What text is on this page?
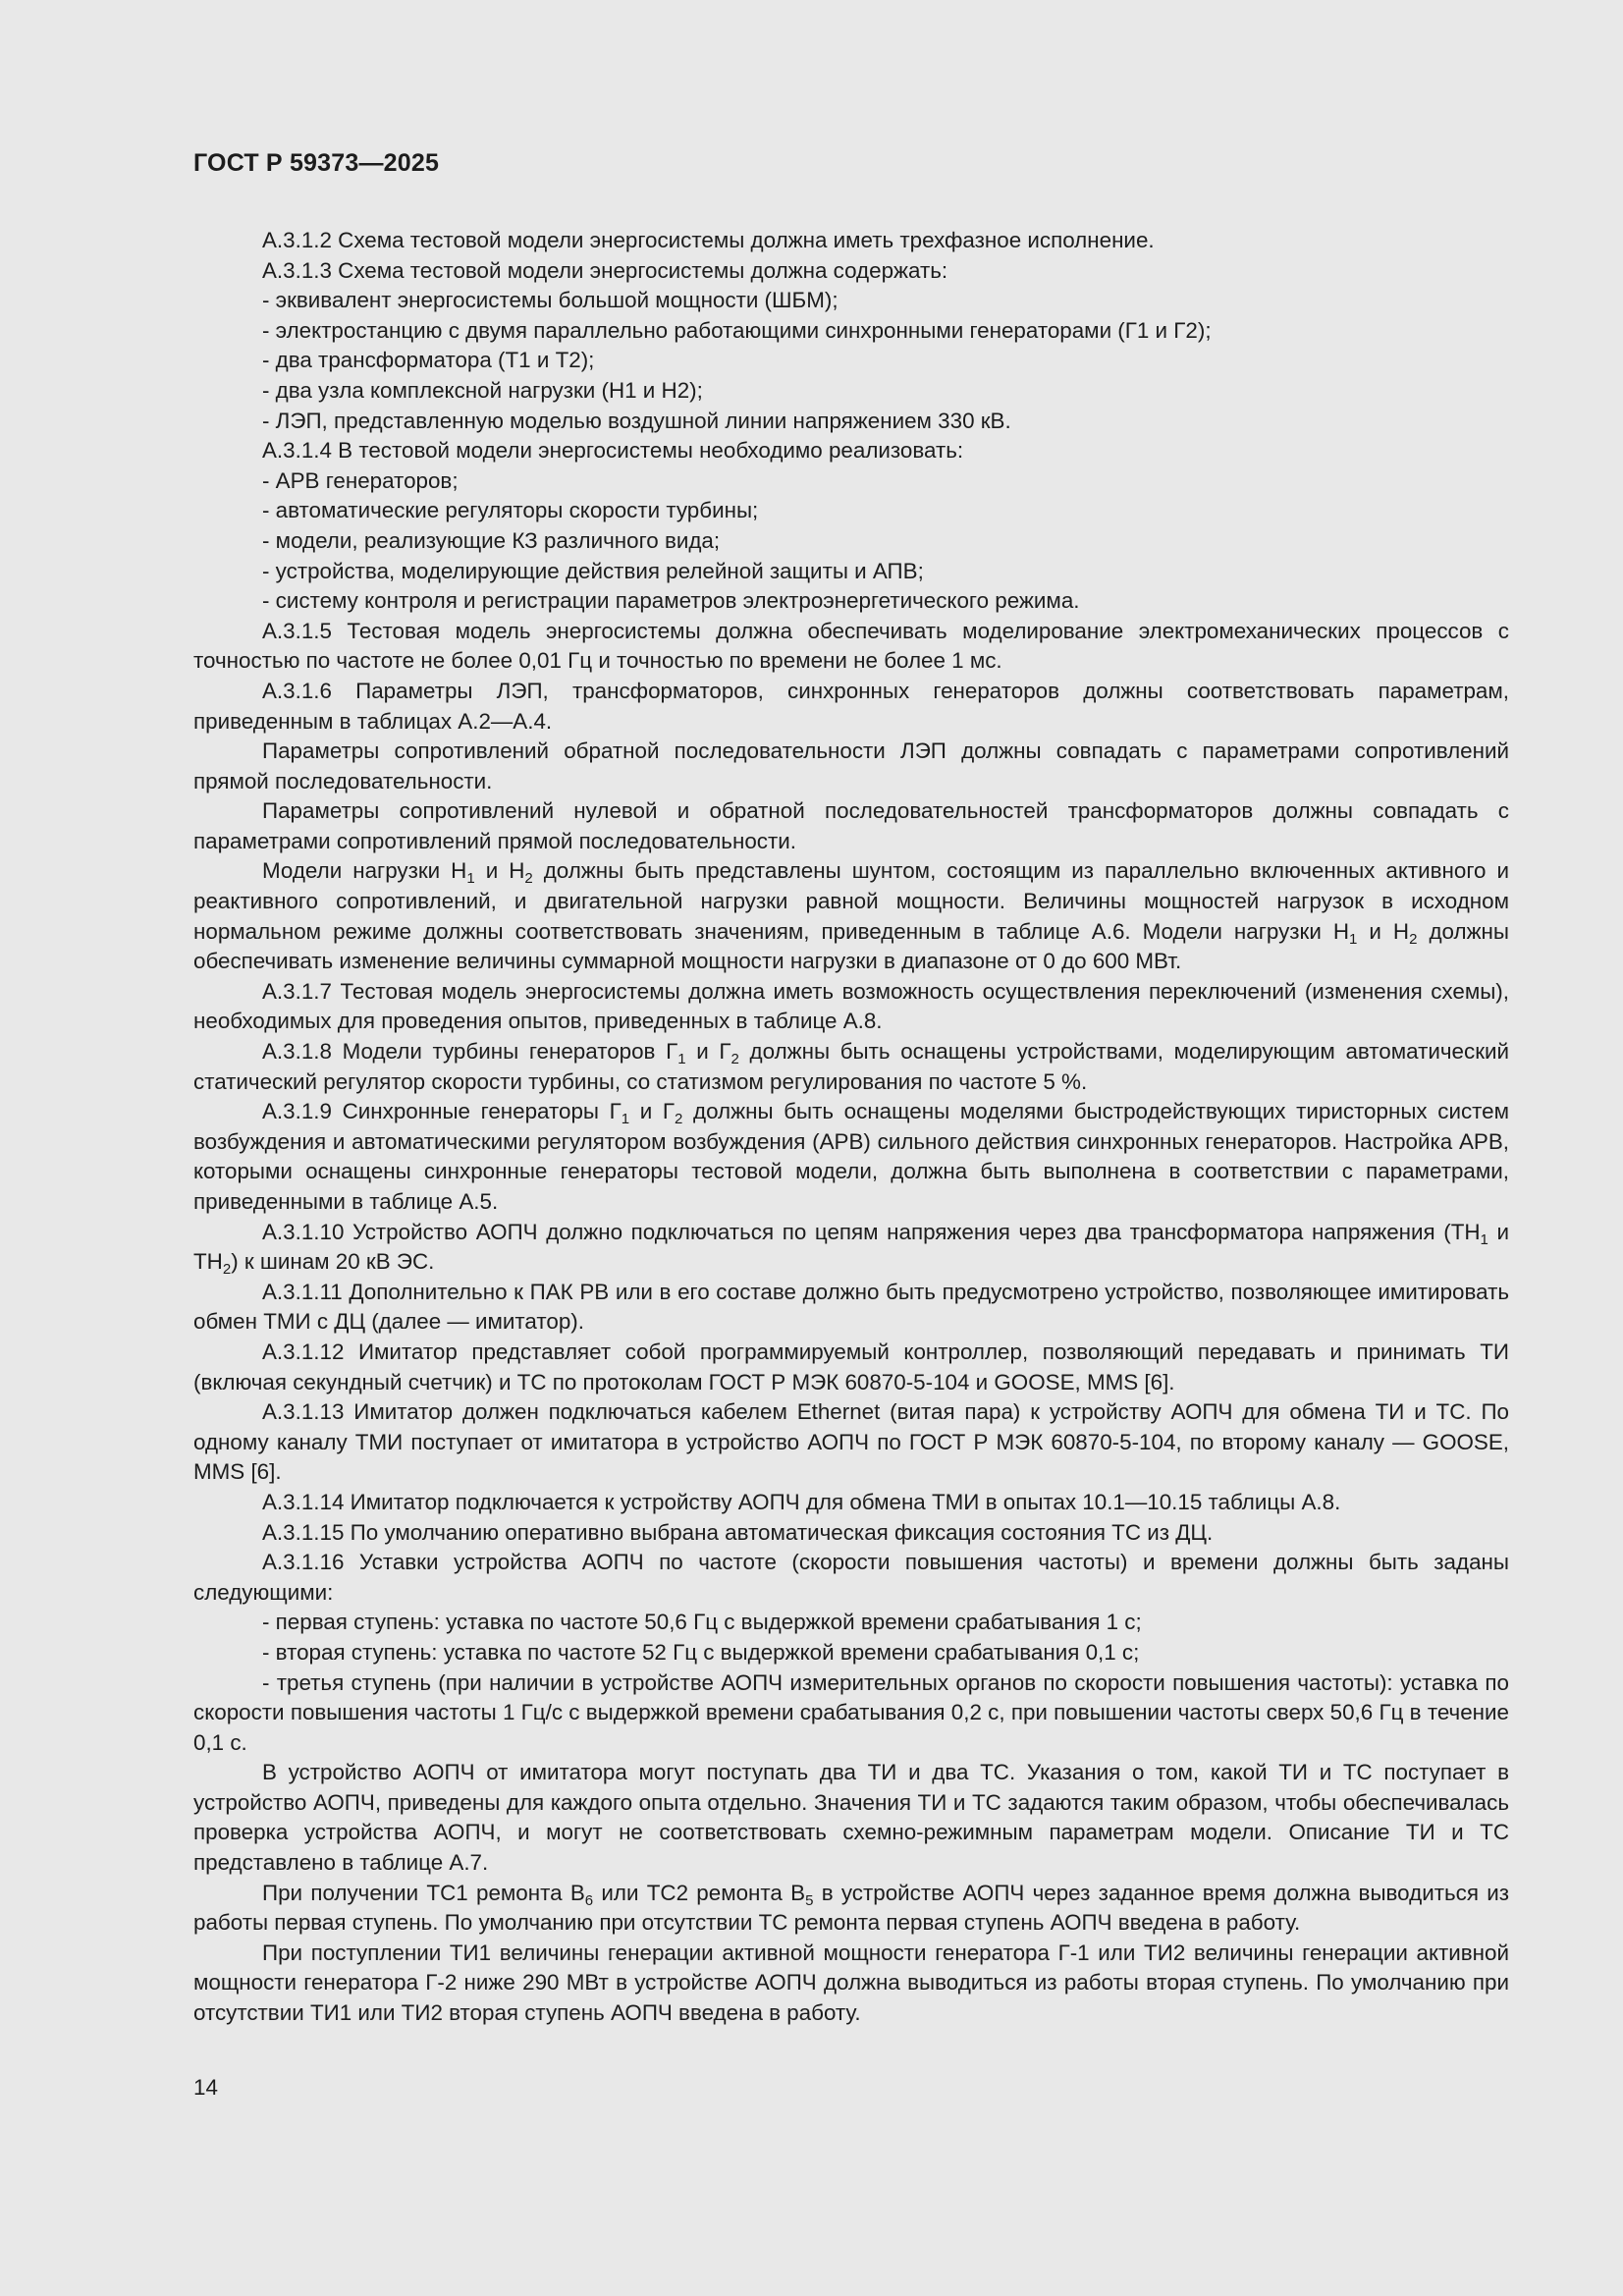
ГОСТ Р 59373—2025

А.3.1.2 Схема тестовой модели энергосистемы должна иметь трехфазное исполнение.

А.3.1.3 Схема тестовой модели энергосистемы должна содержать:

- эквивалент энергосистемы большой мощности (ШБМ);

- электростанцию с двумя параллельно работающими синхронными генераторами (Г1 и Г2);

- два трансформатора (Т1 и Т2);

- два узла комплексной нагрузки (Н1 и Н2);

- ЛЭП, представленную моделью воздушной линии напряжением 330 кВ.

А.3.1.4 В тестовой модели энергосистемы необходимо реализовать:

- АРВ генераторов;

- автоматические регуляторы скорости турбины;

- модели, реализующие КЗ различного вида;

- устройства, моделирующие действия релейной защиты и АПВ;

- систему контроля и регистрации параметров электроэнергетического режима.

А.3.1.5 Тестовая модель энергосистемы должна обеспечивать моделирование электромеханических процессов с точностью по частоте не более 0,01 Гц и точностью по времени не более 1 мс.

А.3.1.6 Параметры ЛЭП, трансформаторов, синхронных генераторов должны соответствовать параметрам, приведенным в таблицах А.2—А.4.

Параметры сопротивлений обратной последовательности ЛЭП должны совпадать с параметрами сопротивлений прямой последовательности.

Параметры сопротивлений нулевой и обратной последовательностей трансформаторов должны совпадать с параметрами сопротивлений прямой последовательности.

Модели нагрузки $Н_1$ и $Н_2$ должны быть представлены шунтом, состоящим из параллельно включенных активного и реактивного сопротивлений, и двигательной нагрузки равной мощности. Величины мощностей нагрузок в исходном нормальном режиме должны соответствовать значениям, приведенным в таблице А.6. Модели нагрузки $Н_1$ и $Н_2$ должны обеспечивать изменение величины суммарной мощности нагрузки в диапазоне от 0 до 600 МВт.

А.3.1.7 Тестовая модель энергосистемы должна иметь возможность осуществления переключений (изменения схемы), необходимых для проведения опытов, приведенных в таблице А.8.

А.3.1.8 Модели турбины генераторов $Г_1$ и $Г_2$ должны быть оснащены устройствами, моделирующим автоматический статический регулятор скорости турбины, со статизмом регулирования по частоте 5 %.

А.3.1.9 Синхронные генераторы $Г_1$ и $Г_2$ должны быть оснащены моделями быстродействующих тиристорных систем возбуждения и автоматическими регулятором возбуждения (АРВ) сильного действия синхронных генераторов. Настройка АРВ, которыми оснащены синхронные генераторы тестовой модели, должна быть выполнена в соответствии с параметрами, приведенными в таблице А.5.

А.3.1.10 Устройство АОПЧ должно подключаться по цепям напряжения через два трансформатора напряжения ($ТН_1$ и $ТН_2$) к шинам 20 кВ ЭС.

А.3.1.11 Дополнительно к ПАК РВ или в его составе должно быть предусмотрено устройство, позволяющее имитировать обмен ТМИ с ДЦ (далее — имитатор).

А.3.1.12 Имитатор представляет собой программируемый контроллер, позволяющий передавать и принимать ТИ (включая секундный счетчик) и ТС по протоколам ГОСТ Р МЭК 60870-5-104 и GOOSE, MMS [6].

А.3.1.13 Имитатор должен подключаться кабелем Ethernet (витая пара) к устройству АОПЧ для обмена ТИ и ТС. По одному каналу ТМИ поступает от имитатора в устройство АОПЧ по ГОСТ Р МЭК 60870-5-104, по второму каналу — GOOSE, MMS [6].

А.3.1.14 Имитатор подключается к устройству АОПЧ для обмена ТМИ в опытах 10.1—10.15 таблицы А.8.

А.3.1.15 По умолчанию оперативно выбрана автоматическая фиксация состояния ТС из ДЦ.

А.3.1.16 Уставки устройства АОПЧ по частоте (скорости повышения частоты) и времени должны быть заданы следующими:

- первая ступень: уставка по частоте 50,6 Гц с выдержкой времени срабатывания 1 с;

- вторая ступень: уставка по частоте 52 Гц с выдержкой времени срабатывания 0,1 с;

- третья ступень (при наличии в устройстве АОПЧ измерительных органов по скорости повышения частоты): уставка по скорости повышения частоты 1 Гц/с с выдержкой времени срабатывания 0,2 с, при повышении частоты сверх 50,6 Гц в течение 0,1 с.

В устройство АОПЧ от имитатора могут поступать два ТИ и два ТС. Указания о том, какой ТИ и ТС поступает в устройство АОПЧ, приведены для каждого опыта отдельно. Значения ТИ и ТС задаются таким образом, чтобы обеспечивалась проверка устройства АОПЧ, и могут не соответствовать схемно-режимным параметрам модели. Описание ТИ и ТС представлено в таблице А.7.

При получении ТС1 ремонта $В_6$ или ТС2 ремонта $В_5$ в устройстве АОПЧ через заданное время должна выводиться из работы первая ступень. По умолчанию при отсутствии ТС ремонта первая ступень АОПЧ введена в работу.

При поступлении ТИ1 величины генерации активной мощности генератора Г-1 или ТИ2 величины генерации активной мощности генератора Г-2 ниже 290 МВт в устройстве АОПЧ должна выводиться из работы вторая ступень. По умолчанию при отсутствии ТИ1 или ТИ2 вторая ступень АОПЧ введена в работу.

14
